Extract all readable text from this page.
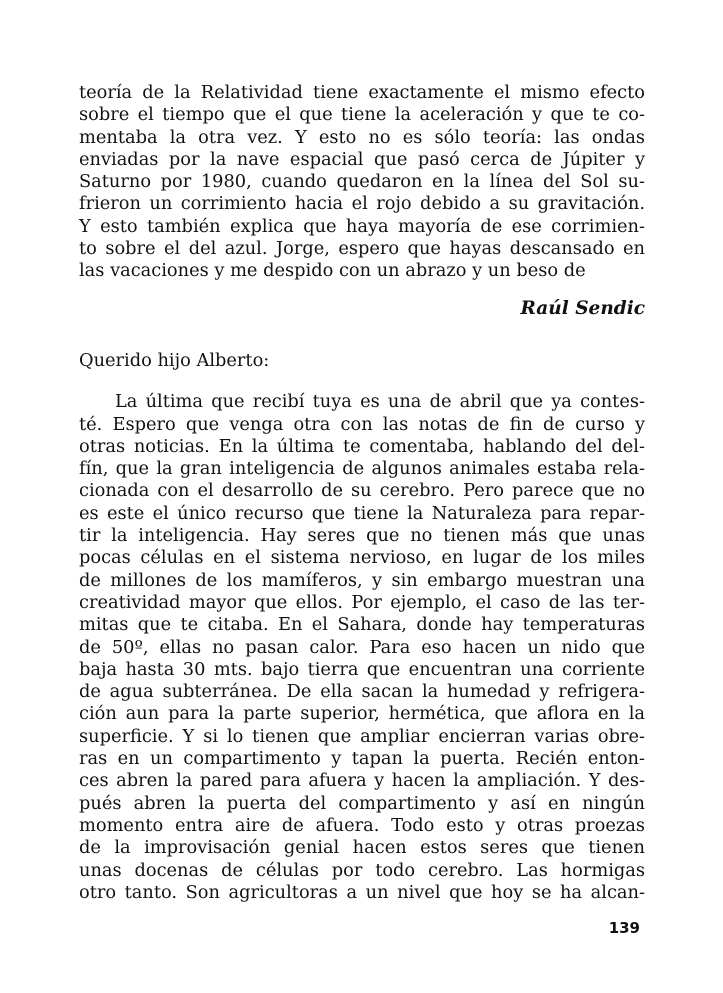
teoría de la Relatividad tiene exactamente el mismo efecto
sobre el tiempo que el que tiene la aceleración y que te co-
mentaba la otra vez. Y esto no es sólo teoría: las ondas
enviadas por la nave espacial que pasó cerca de Júpiter y
Saturno por 1980, cuando quedaron en la línea del Sol su-
frieron un corrimiento hacia el rojo debido a su gravitación.
Y esto también explica que haya mayoría de ese corrimien-
to sobre el del azul. Jorge, espero que hayas descansado en
las vacaciones y me despido con un abrazo y un beso de
Raúl Sendic
Querido hijo Alberto:
La última que recibí tuya es una de abril que ya contes-
té. Espero que venga otra con las notas de fin de curso y
otras noticias. En la última te comentaba, hablando del del-
fín, que la gran inteligencia de algunos animales estaba rela-
cionada con el desarrollo de su cerebro. Pero parece que no
es este el único recurso que tiene la Naturaleza para repar-
tir la inteligencia. Hay seres que no tienen más que unas
pocas células en el sistema nervioso, en lugar de los miles
de millones de los mamíferos, y sin embargo muestran una
creatividad mayor que ellos. Por ejemplo, el caso de las ter-
mitas que te citaba. En el Sahara, donde hay temperaturas
de 50º, ellas no pasan calor. Para eso hacen un nido que
baja hasta 30 mts. bajo tierra que encuentran una corriente
de agua subterránea. De ella sacan la humedad y refrigera-
ción aun para la parte superior, hermética, que aflora en la
superficie. Y si lo tienen que ampliar encierran varias obre-
ras en un compartimento y tapan la puerta. Recién enton-
ces abren la pared para afuera y hacen la ampliación. Y des-
pués abren la puerta del compartimento y así en ningún
momento entra aire de afuera. Todo esto y otras proezas
de la improvisación genial hacen estos seres que tienen
unas docenas de células por todo cerebro. Las hormigas
otro tanto. Son agricultoras a un nivel que hoy se ha alcan-
139
